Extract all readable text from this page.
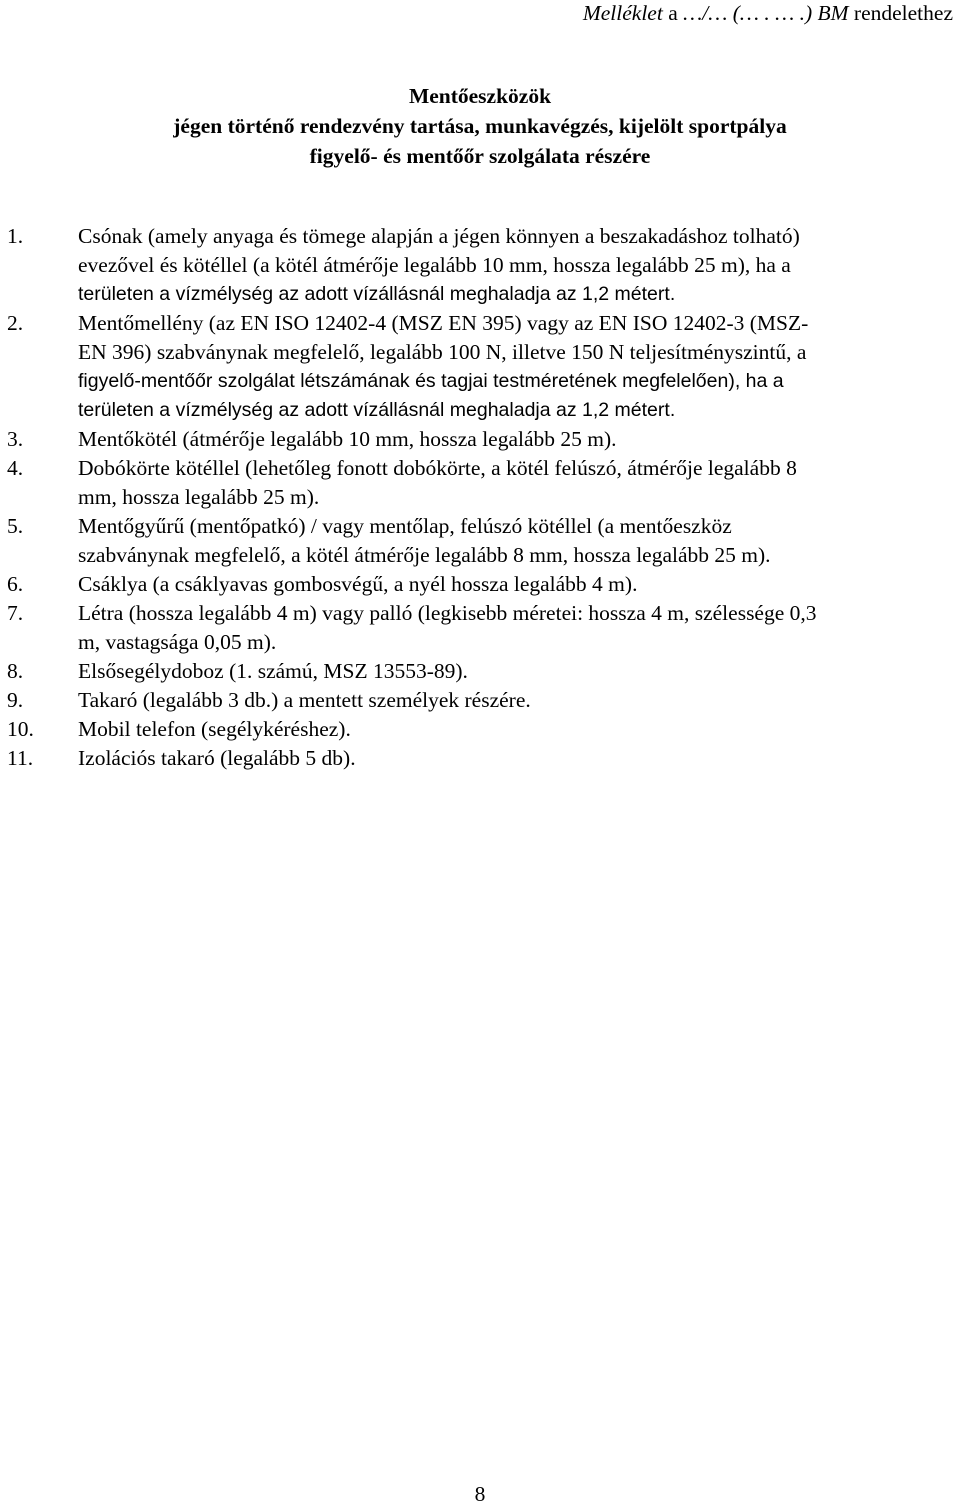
Melléklet a …/… (… . … .) BM rendelethez
Mentőeszközök
jégen történő rendezvény tartása, munkavégzés, kijelölt sportpálya
figyelő- és mentőőr szolgálata részére
1.	Csónak (amely anyaga és tömege alapján a jégen könnyen a beszakadáshoz tolható)
evezővel és kötéllel (a kötél átmérője legalább 10 mm, hossza legalább 25 m), ha a
területen a vízmélység az adott vízállásnál meghaladja az 1,2 métert.
2.	Mentőmellény (az EN ISO 12402-4 (MSZ EN 395) vagy az EN ISO 12402-3 (MSZ-
EN 396) szabványnak megfelelő, legalább 100 N, illetve 150 N teljesítményszintű, a
figyelő-mentőőr szolgálat létszámának és tagjai testméretének megfelelően), ha a
területen a vízmélység az adott vízállásnál meghaladja az 1,2 métert.
3.	Mentőkötél (átmérője legalább 10 mm, hossza legalább 25 m).
4.	Dobókörte kötéllel (lehetőleg fonott dobókörte, a kötél felúszó, átmérője legalább 8
mm, hossza legalább 25 m).
5.	Mentőgyűrű (mentőpatkó) / vagy mentőlap, felúszó kötéllel (a mentőeszköz
szabványnak megfelelő, a kötél átmérője legalább 8 mm, hossza legalább 25 m).
6.	Csáklya (a csáklyavas gombosvégű, a nyél hossza legalább 4 m).
7.	Létra (hossza legalább 4 m) vagy palló (legkisebb méretei: hossza 4 m, szélessége 0,3
m, vastagsága 0,05 m).
8.	Elsősegélydoboz (1. számú, MSZ 13553-89).
9.	Takaró (legalább 3 db.) a mentett személyek részére.
10. Mobil telefon (segélykéréshez).
11. Izolációs takaró (legalább 5 db).
8
